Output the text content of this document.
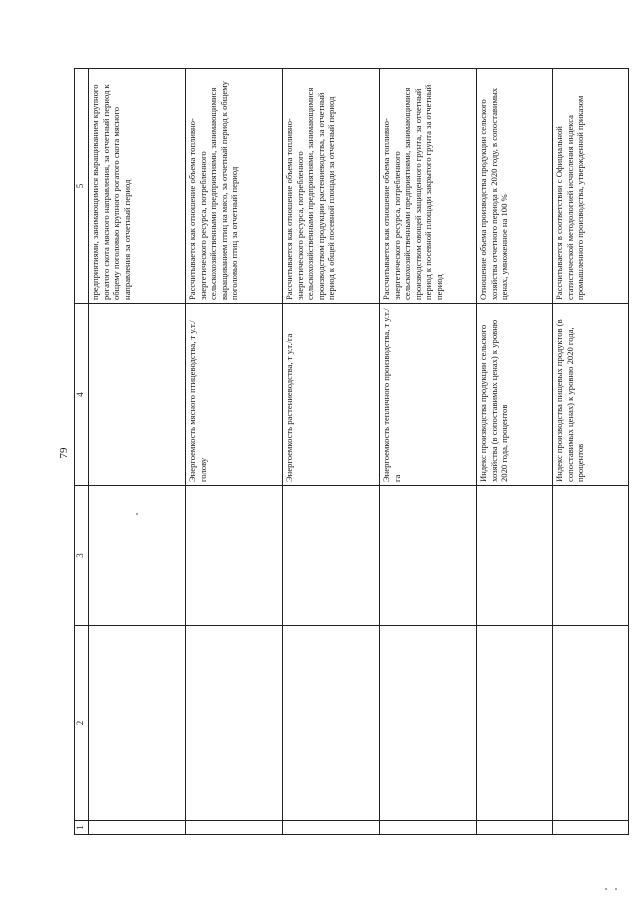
79
1	2	3	4	5
				предприятиями, занимающимися выращиванием крупного рогатого скота мясного направления, за отчетный период к общему поголовью крупного рогатого скота мясного направления за отчетный период
			Энергоемкость мясного птицеводства, т у.т./голову	Рассчитывается как отношение объема топливно-энергетического ресурса, потребленного сельскохозяйственными предприятиями, занимающимися выращиванием птиц на мясо, за отчетный период к общему поголовью птиц за отчетный период
			Энергоемкость растениеводства, т у.т./га	Рассчитывается как отношение объема топливно-энергетического ресурса, потребленного сельскохозяйственными предприятиями, занимающимися производством продукции растениеводства, за отчетный период к общей посевной площади за отчетный период
			Энергоемкость тепличного производства, т у.т./га	Рассчитывается как отношение объема топливно-энергетического ресурса, потребленного сельскохозяйственными предприятиями, занимающимися производством овощей защищенного грунта, за отчетный период к посевной площади закрытого грунта за отчетный период
			Индекс производства продукции сельского хозяйства (в сопоставимых ценах) к уровню 2020 года, процентов	Отношение объема производства продукции сельского хозяйства отчетного периода к 2020 году, в сопоставимых ценах, умноженное на 100 %
			Индекс производства пищевых продуктов (в сопоставимых ценах) к уровню 2020 года, процентов	Рассчитывается в соответствии с Официальной статистической методологией исчисления индекса промышленного производства, утвержденной приказом
